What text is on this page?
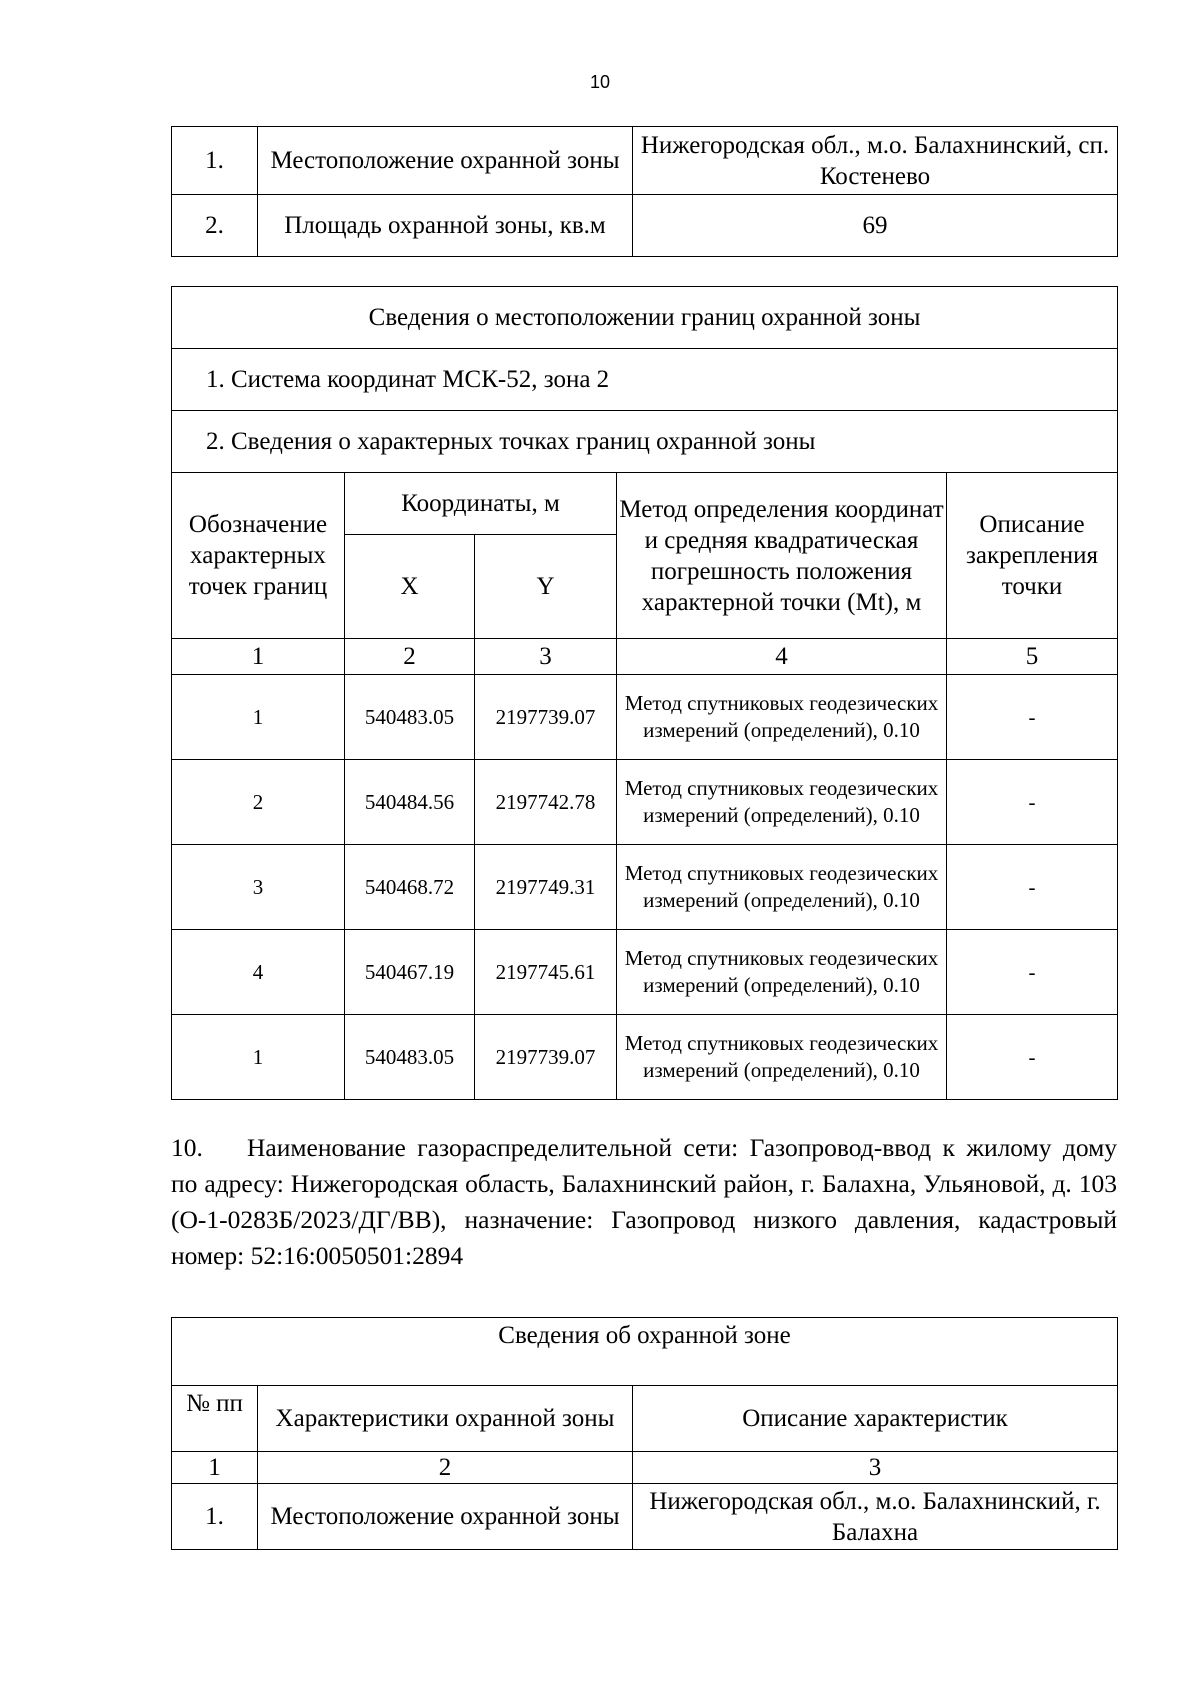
10
1.	Местоположение охранной зоны	Нижегородская обл., м.о. Балахнинский, сп. Костенево
2.	Площадь охранной зоны, кв.м	69
Сведения о местоположении границ охранной зоны				
1. Система координат МСК-52, зона 2				
2. Сведения о характерных точках границ охранной зоны				
Обозначение характерных точек границ	Координаты, м		Метод определения координат и средняя квадратическая погрешность положения характерной точки (Mt), м	Описание закрепления точки
	X	Y		
1	2	3	4	5
1	540483.05	2197739.07	Метод спутниковых геодезических измерений (определений), 0.10	-
2	540484.56	2197742.78	Метод спутниковых геодезических измерений (определений), 0.10	-
3	540468.72	2197749.31	Метод спутниковых геодезических измерений (определений), 0.10	-
4	540467.19	2197745.61	Метод спутниковых геодезических измерений (определений), 0.10	-
1	540483.05	2197739.07	Метод спутниковых геодезических измерений (определений), 0.10	-

10. Наименование газораспределительной сети: Газопровод-ввод к жилому дому по адресу: Нижегородская область, Балахнинский район, г. Балахна, Ульяновой, д. 103 (О-1-0283Б/2023/ДГ/ВВ), назначение: Газопровод низкого давления, кадастровый номер: 52:16:0050501:2894

Сведения об охранной зоне		
№ пп	Характеристики охранной зоны	Описание характеристик
1	2	3
1.	Местоположение охранной зоны	Нижегородская обл., м.о. Балахнинский, г. Балахна
